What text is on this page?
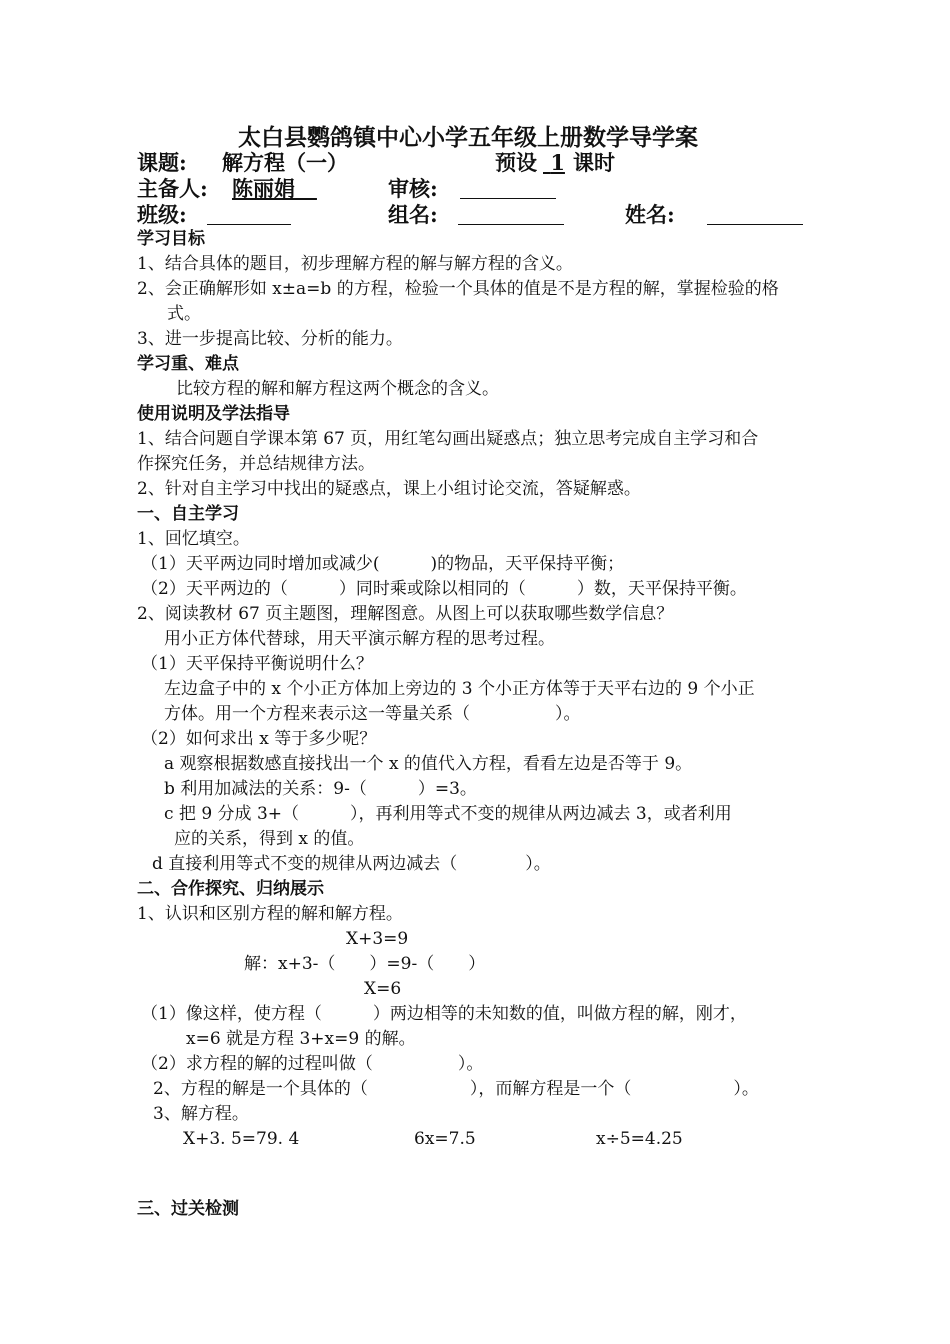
太白县鹦鸽镇中心小学五年级上册数学导学案
课题: 解方程（一）	预设 1 课时
主备人: 陈丽娟	审核:
班级:	组名:	姓名:
学习目标
1、结合具体的题目，初步理解方程的解与解方程的含义。
2、会正确解形如 x±a=b 的方程，检验一个具体的值是不是方程的解，掌握检验的格
式。
3、进一步提高比较、分析的能力。
学习重、难点
比较方程的解和解方程这两个概念的含义。
使用说明及学法指导
1、结合问题自学课本第 67 页，用红笔勾画出疑惑点；独立思考完成自主学习和合
作探究任务，并总结规律方法。
2、针对自主学习中找出的疑惑点，课上小组讨论交流，答疑解惑。
一、自主学习
1、回忆填空。
（1）天平两边同时增加或减少(　　　)的物品，天平保持平衡；
（2）天平两边的（　　　）同时乘或除以相同的（　　　）数，天平保持平衡。
2、阅读教材 67 页主题图，理解图意。从图上可以获取哪些数学信息？
用小正方体代替球，用天平演示解方程的思考过程。
（1）天平保持平衡说明什么？
左边盒子中的 x 个小正方体加上旁边的 3 个小正方体等于天平右边的 9 个小正
方体。用一个方程来表示这一等量关系（　　　　　）。
（2）如何求出 x 等于多少呢？
a 观察根据数感直接找出一个 x 的值代入方程，看看左边是否等于 9。
b 利用加减法的关系：9-（　　　）=3。
c 把 9 分成 3+（　　　），再利用等式不变的规律从两边减去 3，或者利用
应的关系，得到 x 的值。
d 直接利用等式不变的规律从两边减去（　　　　）。
二、合作探究、归纳展示
1、认识和区别方程的解和解方程。
X+3=9
解：x+3-（　　）=9-（　　）
X=6
（1）像这样，使方程（　　　）两边相等的未知数的值，叫做方程的解，刚才，
x=6 就是方程 3+x=9 的解。
（2）求方程的解的过程叫做（　　　　　）。
2、方程的解是一个具体的（　　　　　　），而解方程是一个（　　　　　　）。
3、解方程。
X+3. 5=79. 4	6x=7.5	x÷5=4.25
三、过关检测
